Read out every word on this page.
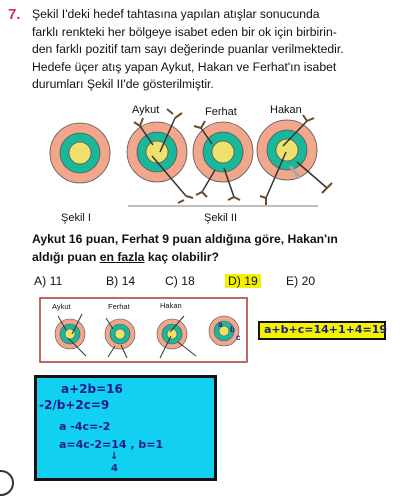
7. Şekil I'deki hedef tahtasına yapılan atışlar sonucunda
farklı renkteki her bölgeye isabet eden bir ok için birbirin-
den farklı pozitif tam sayı değerinde puanlar verilmektedir.
Hedefe üçer atış yapan Aykut, Hakan ve Ferhat'ın isabet
durumları Şekil II'de gösterilmiştir.
Aykut	Ferhat	Hakan
Şekil I	Şekil II
Aykut 16 puan, Ferhat 9 puan aldığına göre, Hakan'ın
aldığı puan en fazla kaç olabilir?
A) 11	B) 14 C) 18	D) 19 E) 20
Aykut	Ferhat	Hakan
a
b
c
a+b+c=14+1+4=19
a+2b=16
-2/b+2c=9
a -4c=-2
a=4c-2=14 , b=1
↓
4
